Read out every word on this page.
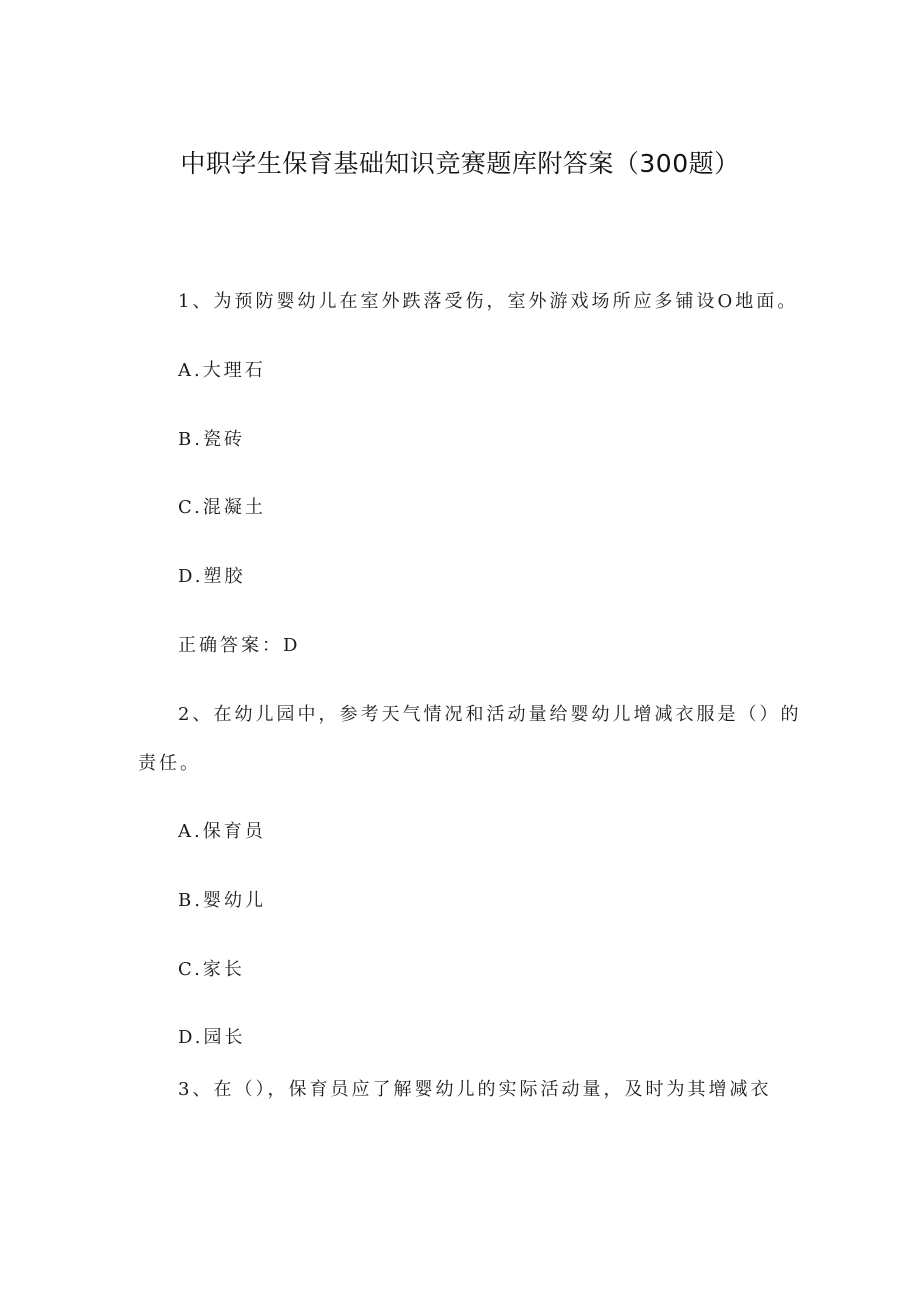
中职学生保育基础知识竞赛题库附答案（300题）
1、为预防婴幼儿在室外跌落受伤，室外游戏场所应多铺设O地面。
A.大理石
B.瓷砖
C.混凝土
D.塑胶
正确答案：D
2、在幼儿园中，参考天气情况和活动量给婴幼儿增减衣服是（）的
责任。
A.保育员
B.婴幼儿
C.家长
D.园长
3、在（），保育员应了解婴幼儿的实际活动量，及时为其增减衣
